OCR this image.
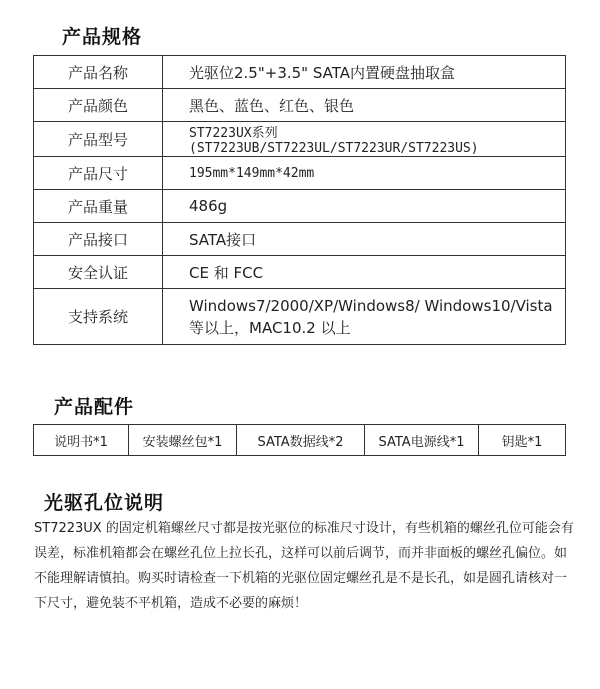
产品规格
产品名称	光驱位2.5"+3.5" SATA内置硬盘抽取盒
产品颜色	黑色、蓝色、红色、银色
产品型号	ST7223UX系列(ST7223UB/ST7223UL/ST7223UR/ST7223US)
产品尺寸	195mm*149mm*42mm
产品重量	486g
产品接口	SATA接口
安全认证	CE 和 FCC
支持系统	Windows7/2000/XP/Windows8/ Windows10/Vista 等以上，MAC10.2 以上
产品配件
说明书*1	安装螺丝包*1	SATA数据线*2	SATA电源线*1	钥匙*1
光驱孔位说明

ST7223UX 的固定机箱螺丝尺寸都是按光驱位的标准尺寸设计，有些机箱的螺丝孔位可能会有误差，标准机箱都会在螺丝孔位上拉长孔，这样可以前后调节，而并非面板的螺丝孔偏位。如不能理解请慎拍。购买时请检查一下机箱的光驱位固定螺丝孔是不是长孔，如是圆孔请核对一下尺寸，避免装不平机箱，造成不必要的麻烦！
